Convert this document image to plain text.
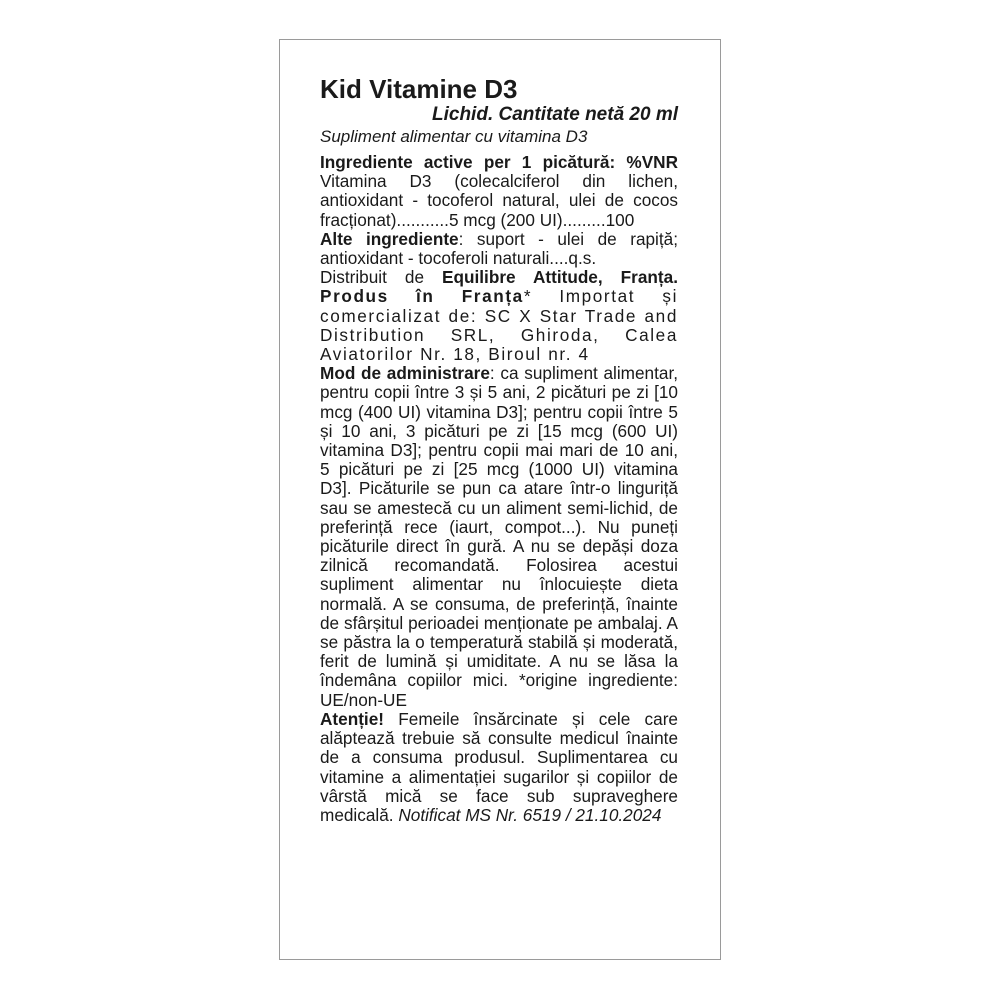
Kid Vitamine D3
Lichid. Cantitate netă 20 ml
Supliment alimentar cu vitamina D3

Ingrediente active per 1 picătură: %VNR Vitamina D3 (colecalciferol din lichen, antioxidant - tocoferol natural, ulei de cocos fracționat)...........5 mcg (200 UI).........100

Alte ingrediente: suport - ulei de rapiță; antioxidant - tocoferoli naturali....q.s.

Distribuit de Equilibre Attitude, Franța. Produs în Franța* Importat și comercializat de: SC X Star Trade and Distribution SRL, Ghiroda, Calea Aviatorilor Nr. 18, Biroul nr. 4

Mod de administrare: ca supliment alimentar, pentru copii între 3 și 5 ani, 2 picături pe zi [10 mcg (400 UI) vitamina D3]; pentru copii între 5 și 10 ani, 3 picături pe zi [15 mcg (600 UI) vitamina D3]; pentru copii mai mari de 10 ani, 5 picături pe zi [25 mcg (1000 UI) vitamina D3]. Picăturile se pun ca atare într-o linguriță sau se amestecă cu un aliment semi-lichid, de preferință rece (iaurt, compot...). Nu puneți picăturile direct în gură. A nu se depăși doza zilnică recomandată. Folosirea acestui supliment alimentar nu înlocuiește dieta normală. A se consuma, de preferință, înainte de sfârșitul perioadei menționate pe ambalaj. A se păstra la o temperatură stabilă și moderată, ferit de lumină și umiditate. A nu se lăsa la îndemâna copiilor mici. *origine ingrediente: UE/non-UE

Atenție! Femeile însărcinate și cele care alăptează trebuie să consulte medicul înainte de a consuma produsul. Suplimentarea cu vitamine a alimentației sugarilor și copiilor de vârstă mică se face sub supraveghere medicală. Notificat MS Nr. 6519 / 21.10.2024
